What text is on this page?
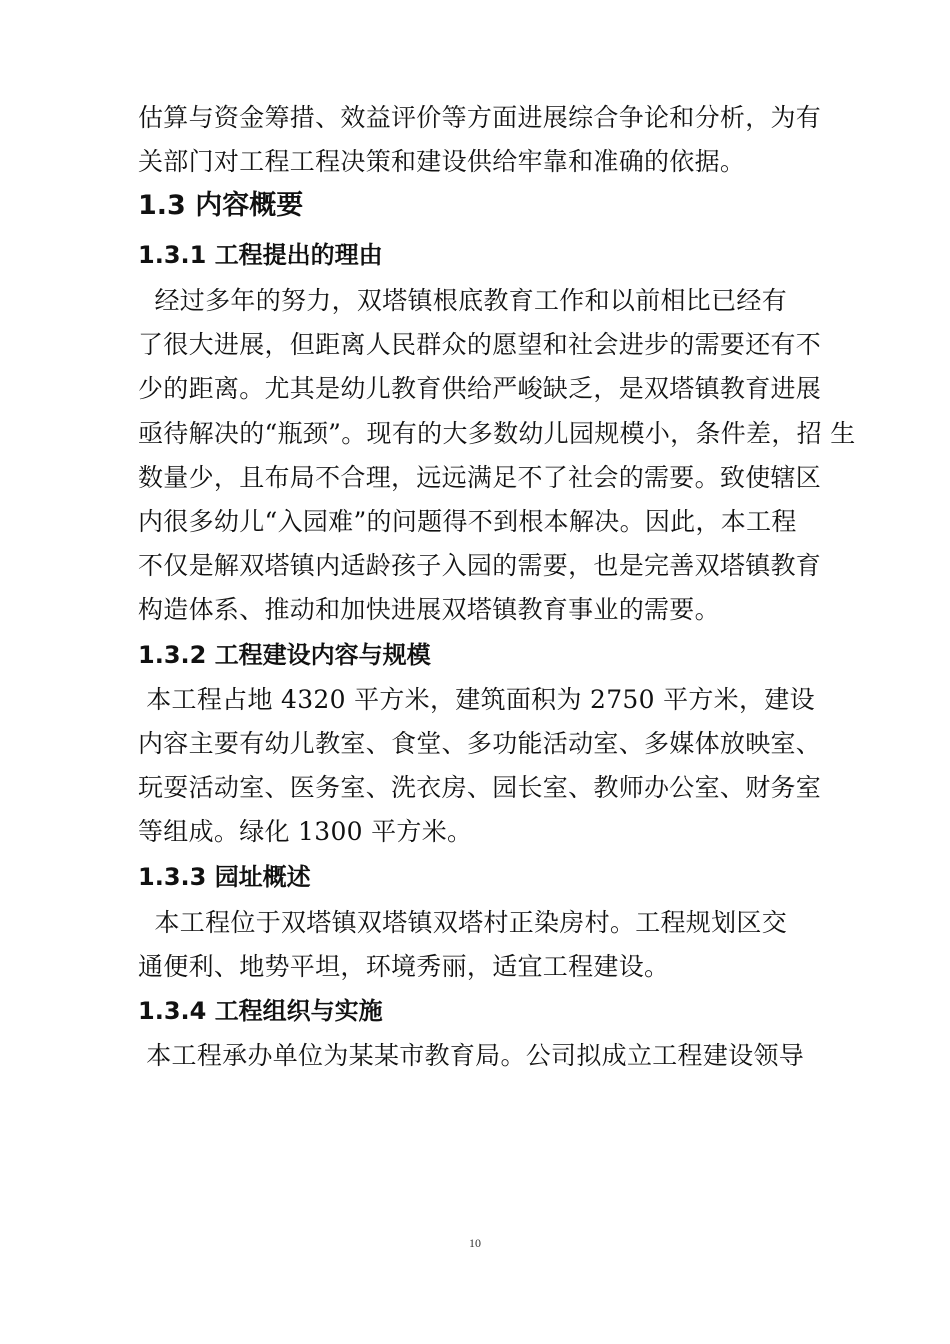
估算与资金筹措、效益评价等方面进展综合争论和分析，为有
关部门对工程工程决策和建设供给牢靠和准确的依据。
1.3 内容概要
1.3.1 工程提出的理由
经过多年的努力，双塔镇根底教育工作和以前相比已经有
了很大进展，但距离人民群众的愿望和社会进步的需要还有不
少的距离。尤其是幼儿教育供给严峻缺乏，是双塔镇教育进展
亟待解决的“瓶颈”。现有的大多数幼儿园规模小，条件差，招 生
数量少，且布局不合理，远远满足不了社会的需要。致使辖区
内很多幼儿“入园难”的问题得不到根本解决。因此，本工程
不仅是解双塔镇内适龄孩子入园的需要，也是完善双塔镇教育
构造体系、推动和加快进展双塔镇教育事业的需要。
1.3.2 工程建设内容与规模
本工程占地 4320 平方米，建筑面积为 2750 平方米，建设
内容主要有幼儿教室、食堂、多功能活动室、多媒体放映室、
玩耍活动室、医务室、洗衣房、园长室、教师办公室、财务室
等组成。绿化 1300 平方米。
1.3.3 园址概述
本工程位于双塔镇双塔镇双塔村正染房村。工程规划区交
通便利、地势平坦，环境秀丽，适宜工程建设。
1.3.4 工程组织与实施
本工程承办单位为某某市教育局。公司拟成立工程建设领导
10
